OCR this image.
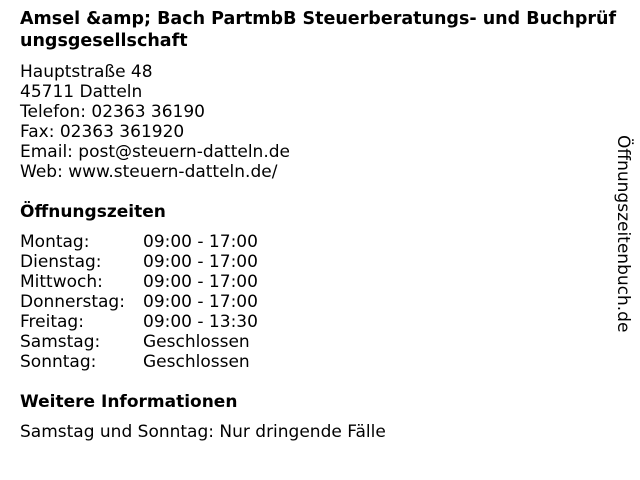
Amsel &amp; Bach PartmbB Steuerberatungs- und Buchprüfungsgesellschaft
Hauptstraße 48
45711 Datteln
Telefon: 02363 36190
Fax: 02363 361920
Email: post@steuern-datteln.de
Web: www.steuern-datteln.de/
Öffnungszeiten
Montag:	09:00 - 17:00
Dienstag:	09:00 - 17:00
Mittwoch:	09:00 - 17:00
Donnerstag:	09:00 - 17:00
Freitag:	09:00 - 13:30
Samstag:	Geschlossen
Sonntag:	Geschlossen
Weitere Informationen
Samstag und Sonntag: Nur dringende Fälle
Öffnungszeitenbuch.de
